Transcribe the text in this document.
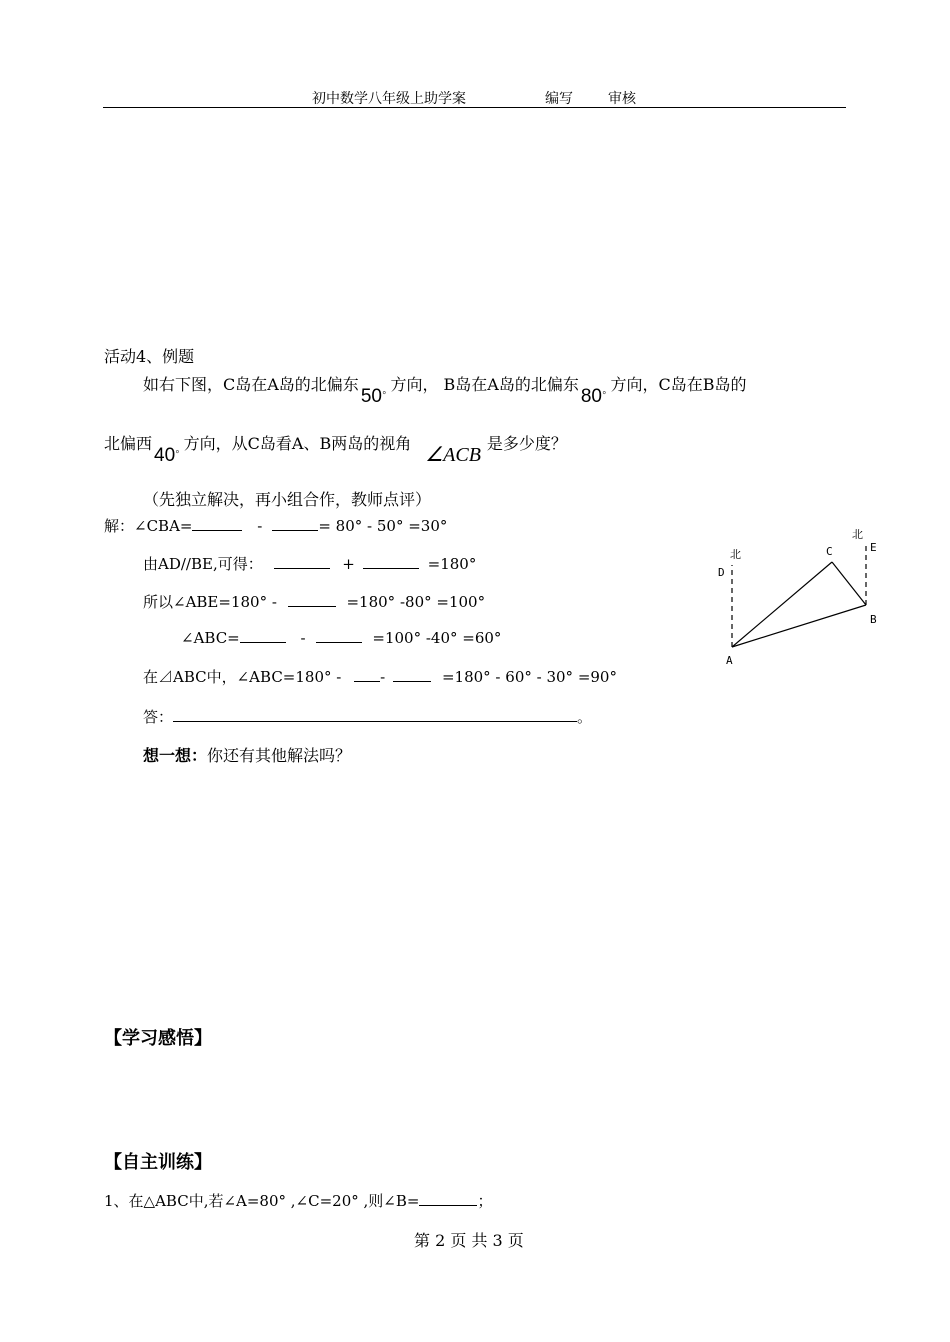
初中数学八年级上助学案	编写	审核
活动4、例题
如右下图，C岛在A岛的北偏东$50^\circ$方向， B岛在A岛的北偏东$80^\circ$方向，C岛在B岛的
北偏西$40^\circ$方向，从C岛看A、B两岛的视角∠ACB是多少度？
（先独立解决，再小组合作，教师点评）
解：∠CBA=	-	= 80° - 50° =30°
由AD//BE,可得：	+	=180°
所以∠ABE=180° -	=180° -80° =100°
∠ABC=	-	=100° -40° =60°
在⊿ABC中，∠ABC=180° -	-	=180° - 60° - 30° =90°
答：	。
想一想：你还有其他解法吗？
北
北
D
E
C
B
A
【学习感悟】
【自主训练】
1、在△ABC中,若∠A=80° ,∠C=20° ,则∠B=	；
第 2 页 共 3 页
